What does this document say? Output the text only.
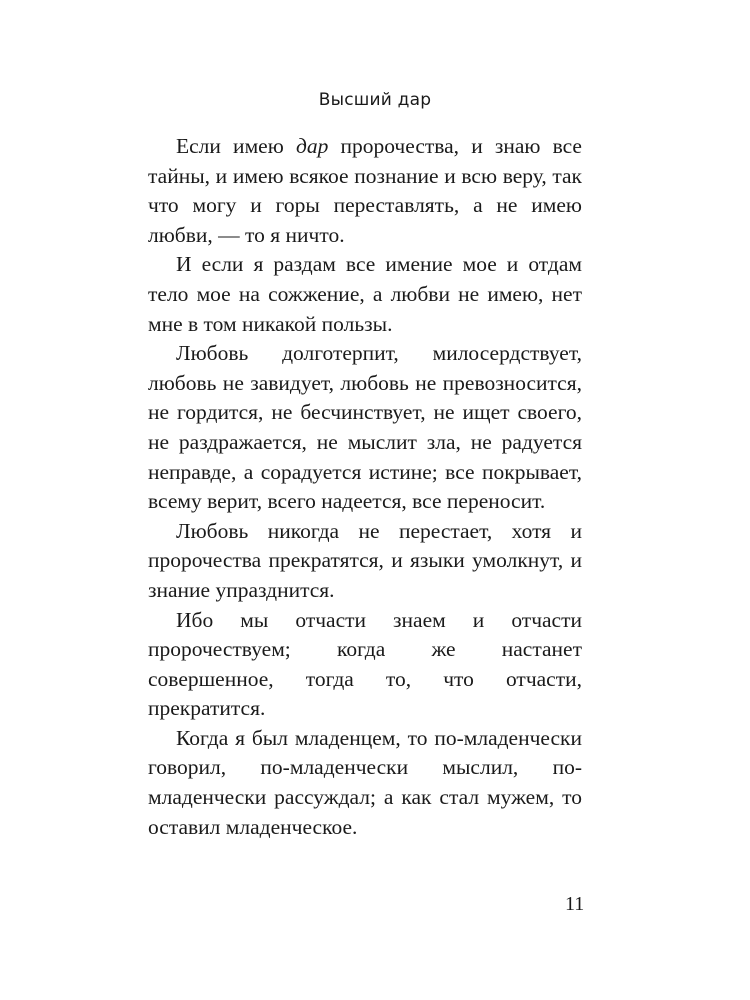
Высший дар

Если имею дар пророчества, и знаю все тайны, и имею всякое познание и всю веру, так что могу и горы переставлять, а не имею любви, — то я ничто.

И если я раздам все имение мое и отдам тело мое на сожжение, а любви не имею, нет мне в том никакой пользы.

Любовь долготерпит, милосердствует, любовь не завидует, любовь не превозносится, не гордится, не бесчинствует, не ищет своего, не раздражается, не мыслит зла, не радуется неправде, а сорадуется истине; все покрывает, всему верит, всего надеется, все переносит.

Любовь никогда не перестает, хотя и пророчества прекратятся, и языки умолкнут, и знание упразднится.

Ибо мы отчасти знаем и отчасти пророчествуем; когда же настанет совершенное, тогда то, что отчасти, прекратится.

Когда я был младенцем, то по-младенчески говорил, по-младенчески мыслил, по-младенчески рассуждал; а как стал мужем, то оставил младенческое.

11
